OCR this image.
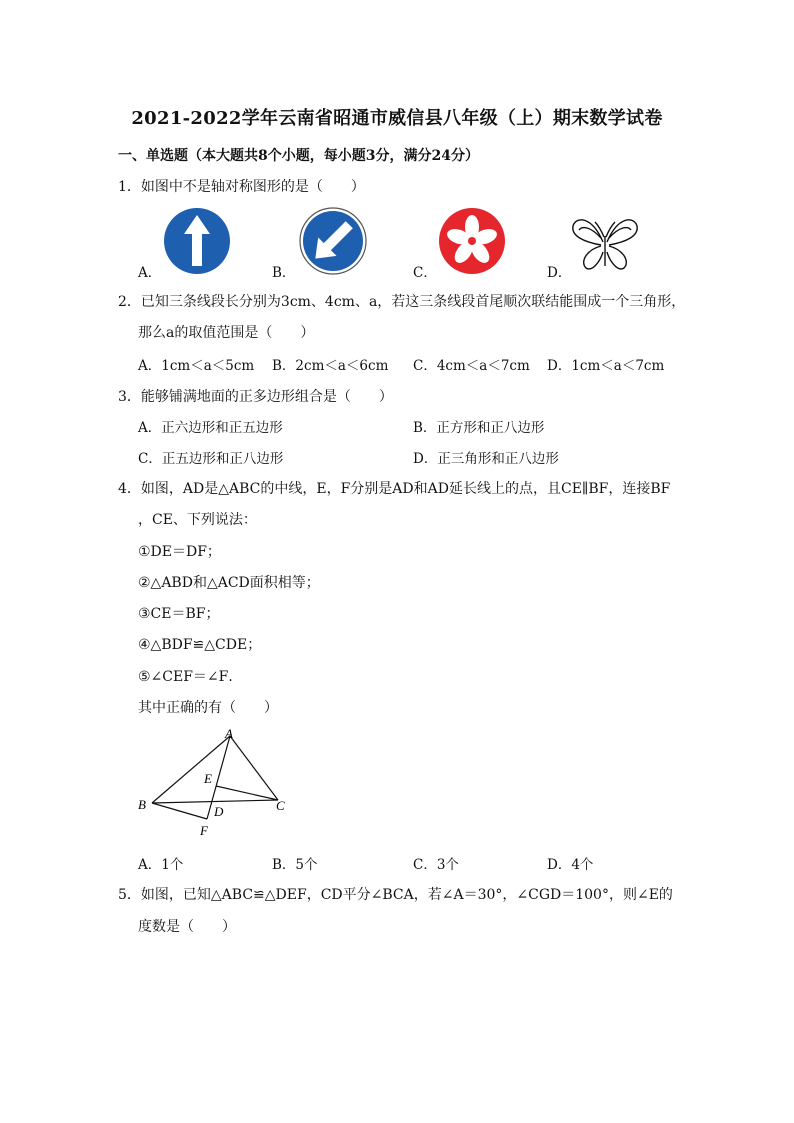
2021-2022学年云南省昭通市威信县八年级（上）期末数学试卷
一、单选题（本大题共8个小题，每小题3分，满分24分）
1．如图中不是轴对称图形的是（　　）
A．	B．	C．	D．
2．已知三条线段长分别为3cm、4cm、a，若这三条线段首尾顺次联结能围成一个三角形，
那么a的取值范围是（　　）
A．1cm＜a＜5cm B．2cm＜a＜6cm C．4cm＜a＜7cm D．1cm＜a＜7cm
3．能够铺满地面的正多边形组合是（　　）
A．正六边形和正五边形	B．正方形和正八边形
C．正五边形和正八边形	D．正三角形和正八边形
4．如图，AD是△ABC的中线，E，F分别是AD和AD延长线上的点，且CE∥BF，连接BF
，CE、下列说法：
①DE＝DF；
②△ABD和△ACD面积相等；
③CE＝BF；
④△BDF≌△CDE；
⑤∠CEF＝∠F．
其中正确的有（　　）
A
B	C
D
E
F
A．1个	B．5个	C．3个	D．4个
5．如图，已知△ABC≌△DEF，CD平分∠BCA，若∠A＝30°，∠CGD＝100°，则∠E的
度数是（　　）
